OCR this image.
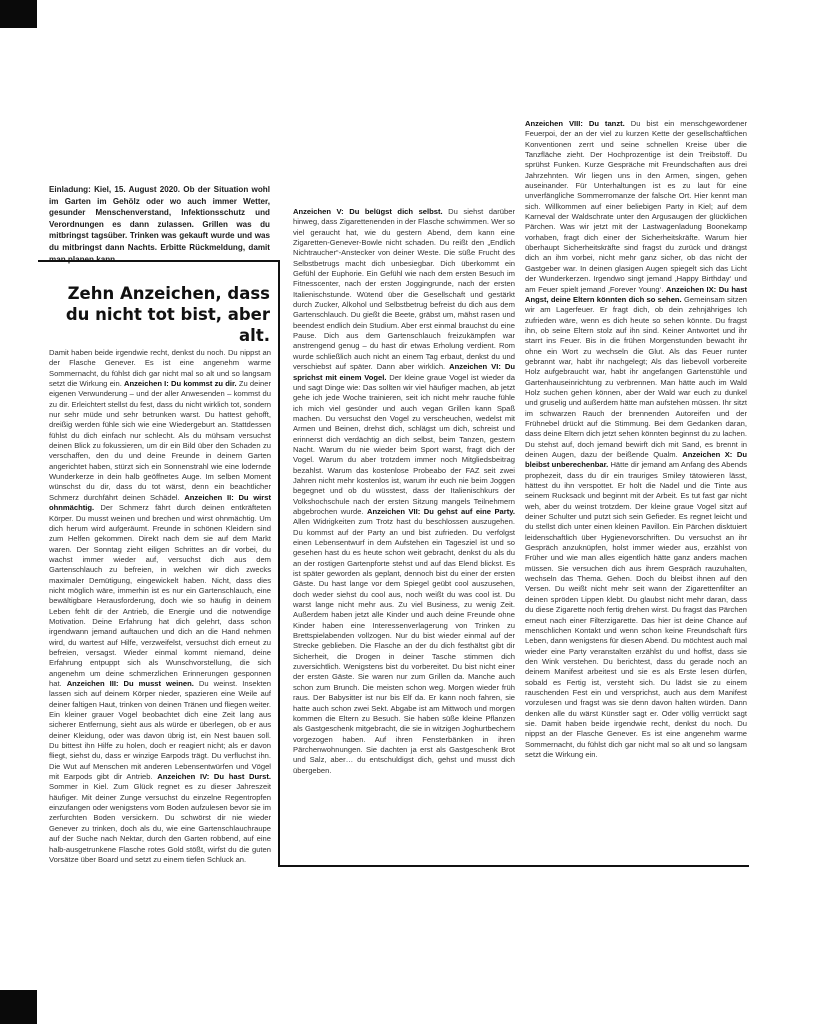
Einladung: Kiel, 15. August 2020. Ob der Situation wohl im Garten im Gehölz oder wo auch immer Wetter, gesunder Menschenverstand, Infektionsschutz und Verordnungen es dann zulassen. Grillen was du mitbringst tagsüber. Trinken was gekauft wurde und was du mitbringst dann Nachts. Erbitte Rückmeldung, damit
Zehn Anzeichen, dass du nicht tot bist, aber alt.
Damit haben beide irgendwie recht, denkst du noch. Du nippst an der Flasche Genever. Es ist eine angenehm warme Sommernacht, du fühlst dich gar nicht mal so alt und so langsam setzt die Wirkung ein. Anzeichen I: Du kommst zu dir. Zu deiner eigenen Verwunderung – und der aller Anwesenden – kommst du zu dir. Erleichtert stellst du fest, dass du nicht wirklich tot, sondern nur sehr müde und sehr betrunken warst. Du hattest gehofft, dreißig werden fühle sich wie eine Wiedergeburt an. Stattdessen fühlst du dich einfach nur schlecht. Als du mühsam versuchst deinen Blick zu fokussieren, um dir ein Bild über den Schaden zu verschaffen, den du und deine Freunde in deinem Garten angerichtet haben, stürzt sich ein Sonnenstrahl wie eine lodernde Wunderkerze in dein halb geöffnetes Auge. Im selben Moment wünschst du dir, dass du tot wärst, denn ein beachtlicher Schmerz durchfährt deinen Schädel. Anzeichen II: Du wirst ohnmächtig. Der Schmerz fährt durch deinen entkräfteten Körper. Du musst weinen und brechen und wirst ohnmächtig. Um dich herum wird aufgeräumt. Freunde in schönen Kleidern sind zum Helfen gekommen. Direkt nach dem sie auf dem Markt waren. Der Sonntag zieht eiligen Schrittes an dir vorbei, du wachst immer wieder auf, versuchst dich aus dem Gartenschlauch zu befreien, in welchen wir dich zwecks maximaler Demütigung, eingewickelt haben. Nicht, dass dies nicht möglich wäre, immerhin ist es nur ein Gartenschlauch, eine bewältigbare Herausforderung, doch wie so häufig in deinem Leben fehlt dir der Antrieb, die Energie und die notwendige Motivation. Deine Erfahrung hat dich gelehrt, dass schon irgendwann jemand auftauchen und dich an die Hand nehmen wird, du wartest auf Hilfe, verzweifelst, versuchst dich erneut zu befreien, versagst. Wieder einmal kommt niemand, deine Erfahrung entpuppt sich als Wunschvorstellung, die sich angenehm um deine schmerzlichen Erinnerungen gesponnen hat. Anzeichen III: Du musst weinen. Du weinst. Insekten lassen sich auf deinem Körper nieder, spazieren eine Weile auf deiner faltigen Haut, trinken von deinen Tränen und fliegen weiter. Ein kleiner grauer Vogel beobachtet dich eine Zeit lang aus sicherer Entfernung, sieht aus als würde er überlegen, ob er aus deiner Kleidung, oder was davon übrig ist, ein Nest bauen soll. Du bittest ihn Hilfe zu holen, doch er reagiert nicht; als er davon fliegt, siehst du, dass er winzige Earpods trägt. Du verfluchst ihn. Die Wut auf Menschen mit anderen Lebensentwürfen und Vögel mit Earpods gibt dir Antrieb. Anzeichen IV: Du hast Durst. Sommer in Kiel. Zum Glück regnet es zu dieser Jahreszeit häufiger. Mit deiner Zunge versuchst du einzelne Regentropfen einzufangen oder wenigstens vom Boden aufzulesen bevor sie im zerfurchten Boden versickern. Du schwörst dir nie wieder Genever zu trinken, doch als du, wie eine Gartenschlauchraupe auf der Suche nach Nektar, durch den Garten robbend, auf eine halb-ausgetrunkene Flasche rotes Gold stößt, wirfst du die guten Vorsätze über Board und setzt zu einem tiefen Schluck an.
Anzeichen V: Du belügst dich selbst. Du siehst darüber hinweg, dass Zigarettenenden in der Flasche schwimmen. Wer so viel geraucht hat, wie du gestern Abend, dem kann eine Zigaretten-Genever-Bowle nicht schaden. Du reißt den „Endlich Nichtraucher“-Anstecker von deiner Weste. Die süße Frucht des Selbstbetrugs macht dich unbesiegbar. Dich überkommt ein Gefühl der Euphorie. Ein Gefühl wie nach dem ersten Besuch im Fitnesscenter, nach der ersten Joggingrunde, nach der ersten Italienischstunde. Wütend über die Gesellschaft und gestärkt durch Zucker, Alkohol und Selbstbetrug befreist du dich aus dem Gartenschlauch. Du gießt die Beete, gräbst um, mähst rasen und beendest endlich dein Studium. Aber erst einmal brauchst du eine Pause. Dich aus dem Gartenschlauch freizukämpfen war anstrengend genug – du hast dir etwas Erholung verdient. Rom wurde schließlich auch nicht an einem Tag erbaut, denkst du und verschiebst auf später. Dann aber wirklich. Anzeichen VI: Du sprichst mit einem Vogel. Der kleine graue Vogel ist wieder da und sagt Dinge wie: Das sollten wir viel häufiger machen, ab jetzt gehe ich jede Woche trainieren, seit ich nicht mehr rauche fühle ich mich viel gesünder und auch vegan Grillen kann Spaß machen. Du versuchst den Vogel zu verscheuchen, wedelst mit Armen und Beinen, drehst dich, schlägst um dich, schreist und erinnerst dich verdächtig an dich selbst, beim Tanzen, gestern Nacht. Warum du nie wieder beim Sport warst, fragt dich der Vogel. Warum du aber trotzdem immer noch Mitgliedsbeitrag bezahlst. Warum das kostenlose Probeabo der FAZ seit zwei Jahren nicht mehr kostenlos ist, warum ihr euch nie beim Joggen begegnet und ob du wüsstest, dass der Italienischkurs der Volkshochschule nach der ersten Sitzung mangels Teilnehmern abgebrochen wurde. Anzeichen VII: Du gehst auf eine Party. Allen Widrigkeiten zum Trotz hast du beschlossen auszugehen. Du kommst auf der Party an und bist zufrieden. Du verfolgst einen Lebensentwurf in dem Aufstehen ein Tagesziel ist und so gesehen hast du es heute schon weit gebracht, denkst du als du an der rostigen Gartenpforte stehst und auf das Elend blickst. Es ist später geworden als geplant, dennoch bist du einer der ersten Gäste. Du hast lange vor dem Spiegel geübt cool auszusehen, doch weder siehst du cool aus, noch weißt du was cool ist. Du warst lange nicht mehr aus. Zu viel Business, zu wenig Zeit. Außerdem haben jetzt alle Kinder und auch deine Freunde ohne Kinder haben eine Interessenverlagerung von Trinken zu Brettspielabenden vollzogen. Nur du bist wieder einmal auf der Strecke geblieben. Die Flasche an der du dich festhältst gibt dir Sicherheit, die Drogen in deiner Tasche stimmen dich zuversichtlich. Wenigstens bist du vorbereitet. Du bist nicht einer der ersten Gäste. Sie waren nur zum Grillen da. Manche auch schon zum Brunch. Die meisten schon weg. Morgen wieder früh raus. Der Babysitter ist nur bis Elf da. Er kann noch fahren, sie hatte auch schon zwei Sekt. Abgabe ist am Mittwoch und morgen kommen die Eltern zu Besuch. Sie haben süße kleine Pflanzen als Gastgeschenk mitgebracht, die sie in witzigen Joghurtbechern vorgezogen haben. Auf ihren Fensterbänken in ihren Pärchenwohnungen. Sie dachten ja erst als Gastgeschenk Brot und Salz, aber… du entschuldigst dich, gehst und musst dich übergeben.
Anzeichen VIII: Du tanzt. Du bist ein menschgewordener Feuerpoi, der an der viel zu kurzen Kette der gesellschaftlichen Konventionen zerrt und seine schnellen Kreise über die Tanzfläche zieht. Der Hochprozentige ist dein Treibstoff. Du sprühst Funken. Kurze Gespräche mit Freundschaften aus drei Jahrzehnten. Wir liegen uns in den Armen, singen, gehen auseinander. Für Unterhaltungen ist es zu laut für eine unverfängliche Sommerromanze der falsche Ort. Hier kennt man sich. Willkommen auf einer beliebigen Party in Kiel; auf dem Karneval der Waldschrate unter den Argusaugen der glücklichen Pärchen. Was wir jetzt mit der Lastwagenladung Boonekamp vorhaben, fragt dich einer der Sicherheitskräfte. Warum hier überhaupt Sicherheitskräfte sind fragst du zurück und drängst dich an ihm vorbei, nicht mehr ganz sicher, ob das nicht der Gastgeber war. In deinen glasigen Augen spiegelt sich das Licht der Wunderkerzen. Irgendwo singt jemand ‚Happy Birthday‘ und am Feuer spielt jemand ‚Forever Young‘. Anzeichen IX: Du hast Angst, deine Eltern könnten dich so sehen. Gemeinsam sitzen wir am Lagerfeuer. Er fragt dich, ob dein zehnjähriges Ich zufrieden wäre, wenn es dich heute so sehen könnte. Du fragst ihn, ob seine Eltern stolz auf ihn sind. Keiner Antwortet und ihr starrt ins Feuer. Bis in die frühen Morgenstunden bewacht ihr ohne ein Wort zu wechseln die Glut. Als das Feuer runter gebrannt war, habt ihr nachgelegt; Als das liebevoll vorbereite Holz aufgebraucht war, habt ihr angefangen Gartenstühle und Gartenhauseinrichtung zu verbrennen. Man hätte auch im Wald Holz suchen gehen können, aber der Wald war euch zu dunkel und gruselig und außerdem hätte man aufstehen müssen. Ihr sitzt im schwarzen Rauch der brennenden Autoreifen und der Frühnebel drückt auf die Stimmung. Bei dem Gedanken daran, dass deine Eltern dich jetzt sehen könnten beginnst du zu lachen. Du stehst auf, doch jemand bewirft dich mit Sand, es brennt in deinen Augen, dazu der beißende Qualm. Anzeichen X: Du bleibst unberechenbar. Hätte dir jemand am Anfang des Abends prophezeit, dass du dir ein trauriges Smiley tätowieren lässt, hättest du ihn verspottet. Er holt die Nadel und die Tinte aus seinem Rucksack und beginnt mit der Arbeit. Es tut fast gar nicht weh, aber du weinst trotzdem. Der kleine graue Vogel sitzt auf deiner Schulter und putzt sich sein Gefieder. Es regnet leicht und du stellst dich unter einen kleinen Pavillon. Ein Pärchen disktuiert leidenschaftlich über Hygienevorschriften. Du versuchst an ihr Gespräch anzuknüpfen, holst immer wieder aus, erzählst von Früher und wie man alles eigentlich hätte ganz anders machen müssen. Sie versuchen dich aus ihrem Gespräch rauzuhalten, wechseln das Thema. Gehen. Doch du bleibst ihnen auf den Versen. Du weißt nicht mehr seit wann der Zigarettenfilter an deinen spröden Lippen klebt. Du glaubst nicht mehr daran, dass du diese Zigarette noch fertig drehen wirst. Du fragst das Pärchen erneut nach einer Filterzigarette. Das hier ist deine Chance auf menschlichen Kontakt und wenn schon keine Freundschaft fürs Leben, dann wenigstens für diesen Abend. Du möchtest auch mal wieder eine Party veranstalten erzählst du und hoffst, dass sie den Wink verstehen. Du berichtest, dass du gerade noch an deinem Manifest arbeitest und sie es als Erste lesen dürfen, sobald es Fertig ist, versteht sich. Du lädst sie zu einem rauschenden Fest ein und versprichst, auch aus dem Manifest vorzulesen und fragst was sie denn davon halten würden. Dann denken alle du wärst Künstler sagt er. Oder völlig verrückt sagt sie. Damit haben beide irgendwie recht, denkst du noch. Du nippst an der Flasche Genever. Es ist eine angenehm warme Sommernacht, du fühlst dich gar nicht mal so alt und so langsam setzt die Wirkung ein.
